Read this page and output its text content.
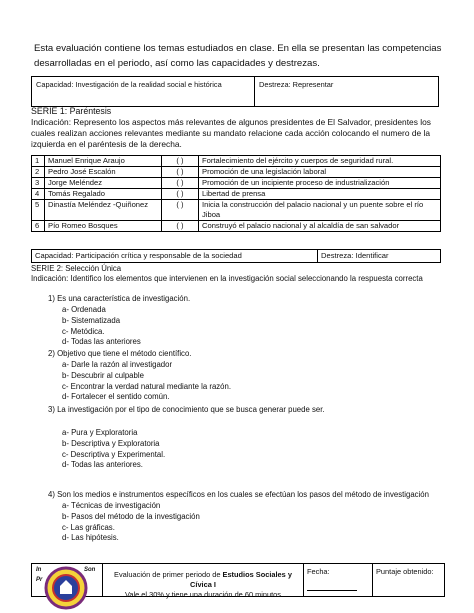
Esta evaluación contiene los temas estudiados en clase. En ella se presentan las competencias desarrolladas en el periodo, así como las capacidades y destrezas.
Capacidad: Investigación de la realidad social e histórica	Destreza: Representar
SERIE 1: Paréntesis
Indicación: Represento los aspectos más relevantes de algunos presidentes de El Salvador, presidentes los cuales realizan acciones relevantes mediante su mandato relacione cada acción colocando el numero de la izquierda en el paréntesis de la derecha.
1	Manuel Enrique Araujo	( )	Fortalecimiento del ejército y cuerpos de seguridad rural.
2	Pedro José Escalón	( )	Promoción de una legislación laboral
3	Jorge Meléndez	( )	Promoción de un incipiente proceso de industrialización
4	Tomás Regalado	( )	Libertad de prensa
5	Dinastía Meléndez -Quiñonez	( )	Inicia la construcción del palacio nacional y un puente sobre el río Jiboa
6	Pío Romeo Bosques	( )	Construyó el palacio nacional y al alcaldía de san salvador
Capacidad: Participación crítica y responsable de la sociedad	Destreza: Identificar
SERIE 2: Selección Única
Indicación: Identifico los elementos que intervienen en la investigación social seleccionando la respuesta correcta
1) Es una característica de investigación.
a- Ordenada
b- Sistematizada
c- Metódica.
d- Todas las anteriores
2) Objetivo que tiene el método científico.
a- Darle la razón al investigador
b- Descubrir al culpable
c- Encontrar la verdad natural mediante la razón.
d- Fortalecer el sentido común.
3) La investigación por el tipo de conocimiento que se busca generar puede ser.
a- Pura y Exploratoria
b- Descriptiva y Exploratoria
c- Descriptiva y Experimental.
d- Todas las anteriores.
4) Son los medios e instrumentos específicos en los cuales se efectúan los pasos del método de investigación
a- Técnicas de investigación
b- Pasos del método de la investigación
c- Las gráficas.
d- Las hipótesis.
In
Pr
Son	Evaluación de primer periodo de Estudios Sociales y Cívica I
Vale el 30% y tiene una duración de 60 minutos
Fecha:	Puntaje obtenido:
